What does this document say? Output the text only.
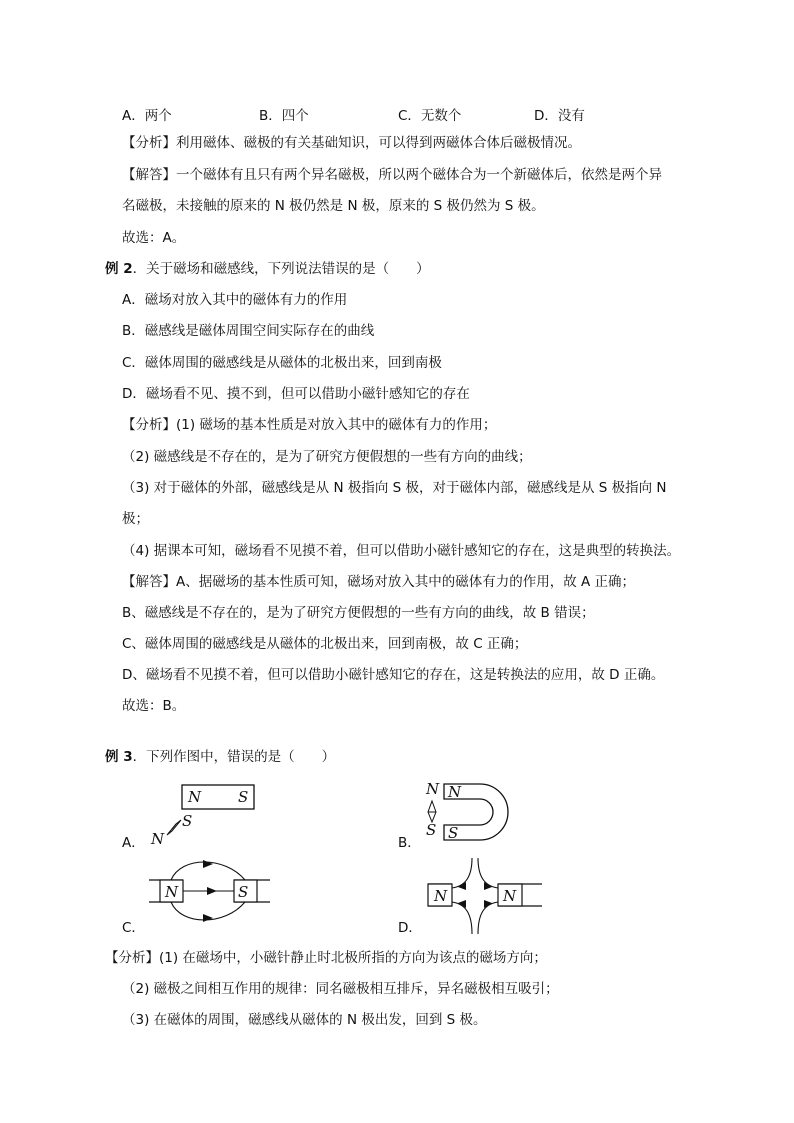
A．两个	B．四个	C．无数个	D．没有
【分析】利用磁体、磁极的有关基础知识，可以得到两磁体合体后磁极情况。
【解答】一个磁体有且只有两个异名磁极，所以两个磁体合为一个新磁体后，依然是两个异
名磁极，未接触的原来的 N 极仍然是 N 极，原来的 S 极仍然为 S 极。
故选：A。
例 2．关于磁场和磁感线，下列说法错误的是（　　）
A．磁场对放入其中的磁体有力的作用
B．磁感线是磁体周围空间实际存在的曲线
C．磁体周围的磁感线是从磁体的北极出来，回到南极
D．磁场看不见、摸不到，但可以借助小磁针感知它的存在
【分析】(1) 磁场的基本性质是对放入其中的磁体有力的作用；
（2) 磁感线是不存在的，是为了研究方便假想的一些有方向的曲线；
（3) 对于磁体的外部，磁感线是从 N 极指向 S 极，对于磁体内部，磁感线是从 S 极指向 N
极；
（4) 据课本可知，磁场看不见摸不着，但可以借助小磁针感知它的存在，这是典型的转换法。
【解答】A、据磁场的基本性质可知，磁场对放入其中的磁体有力的作用，故 A 正确；
B、磁感线是不存在的，是为了研究方便假想的一些有方向的曲线，故 B 错误；
C、磁体周围的磁感线是从磁体的北极出来，回到南极，故 C 正确；
D、磁场看不见摸不着，但可以借助小磁针感知它的存在，这是转换法的应用，故 D 正确。
故选：B。
例 3．下列作图中，错误的是（　　）
A．
N S
S
N	B．
N
S
N
S
C．
N	S
D．
N	N
【分析】(1) 在磁场中，小磁针静止时北极所指的方向为该点的磁场方向；
（2) 磁极之间相互作用的规律：同名磁极相互排斥，异名磁极相互吸引；
（3) 在磁体的周围，磁感线从磁体的 N 极出发，回到 S 极。
